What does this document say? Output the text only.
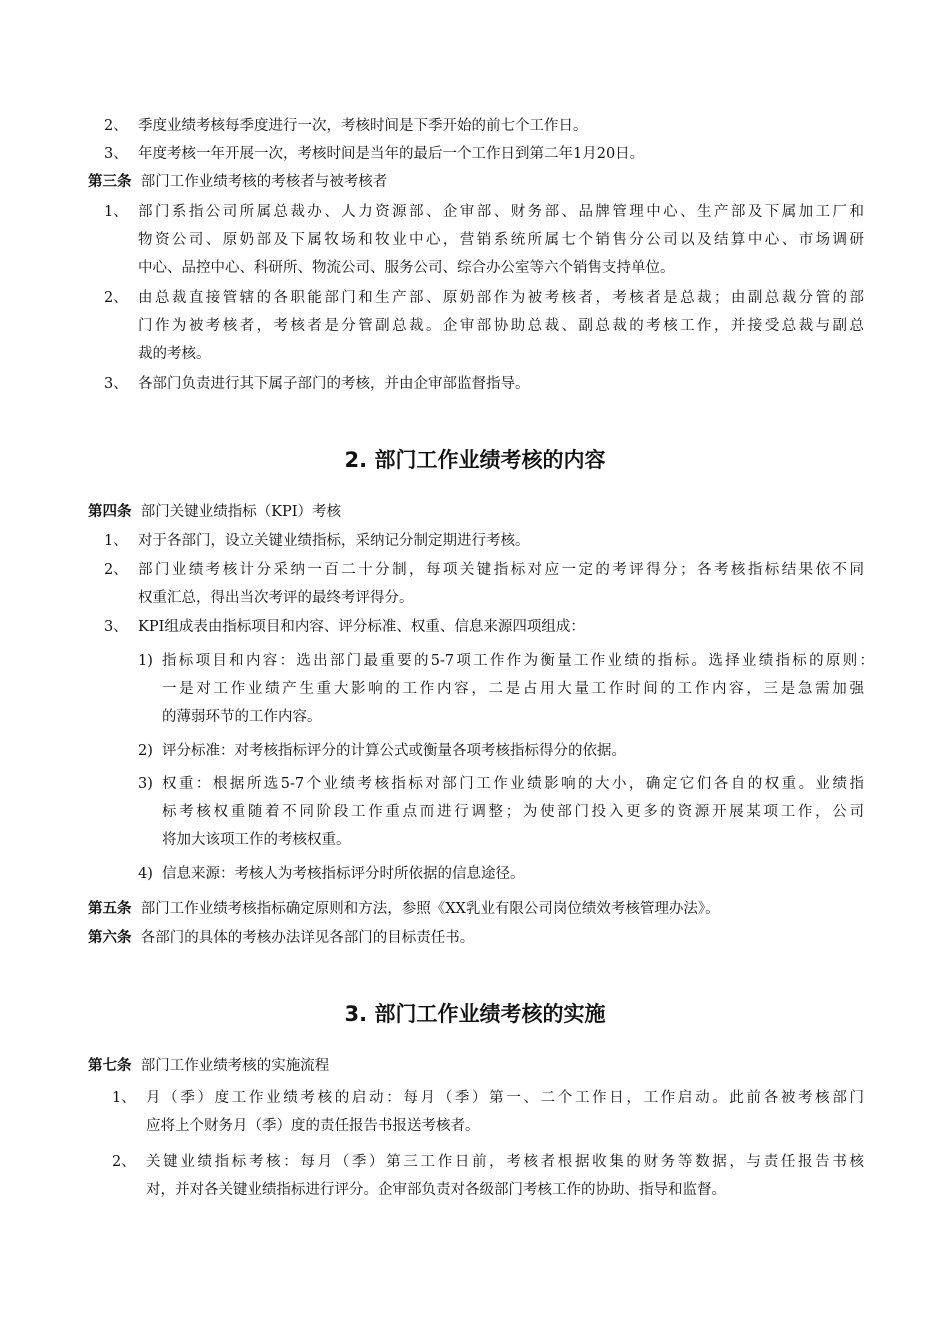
2、 季度业绩考核每季度进行一次，考核时间是下季开始的前七个工作日。
3、 年度考核一年开展一次，考核时间是当年的最后一个工作日到第二年1月20日。
第三条 部门工作业绩考核的考核者与被考核者
1、 部门系指公司所属总裁办、人力资源部、企审部、财务部、品牌管理中心、生产部及下属加工厂和
物资公司、原奶部及下属牧场和牧业中心，营销系统所属七个销售分公司以及结算中心、市场调研
中心、品控中心、科研所、物流公司、服务公司、综合办公室等六个销售支持单位。
2、 由总裁直接管辖的各职能部门和生产部、原奶部作为被考核者，考核者是总裁；由副总裁分管的部
门作为被考核者，考核者是分管副总裁。企审部协助总裁、副总裁的考核工作，并接受总裁与副总
裁的考核。
3、 各部门负责进行其下属子部门的考核，并由企审部监督指导。
2. 部门工作业绩考核的内容
第四条 部门关键业绩指标（KPI）考核
1、 对于各部门，设立关键业绩指标，采纳记分制定期进行考核。
2、 部门业绩考核计分采纳一百二十分制，每项关键指标对应一定的考评得分；各考核指标结果依不同
权重汇总，得出当次考评的最终考评得分。
3、 KPI组成表由指标项目和内容、评分标准、权重、信息来源四项组成：
1) 指标项目和内容：选出部门最重要的5-7项工作作为衡量工作业绩的指标。选择业绩指标的原则：
一是对工作业绩产生重大影响的工作内容，二是占用大量工作时间的工作内容，三是急需加强
的薄弱环节的工作内容。
2) 评分标准：对考核指标评分的计算公式或衡量各项考核指标得分的依据。
3) 权重：根据所选5-7个业绩考核指标对部门工作业绩影响的大小，确定它们各自的权重。业绩指
标考核权重随着不同阶段工作重点而进行调整；为使部门投入更多的资源开展某项工作，公司
将加大该项工作的考核权重。
4) 信息来源：考核人为考核指标评分时所依据的信息途径。
第五条 部门工作业绩考核指标确定原则和方法，参照《XX乳业有限公司岗位绩效考核管理办法》。
第六条 各部门的具体的考核办法详见各部门的目标责任书。
3. 部门工作业绩考核的实施
第七条 部门工作业绩考核的实施流程
1、 月（季）度工作业绩考核的启动：每月（季）第一、二个工作日，工作启动。此前各被考核部门
应将上个财务月（季）度的责任报告书报送考核者。
2、 关键业绩指标考核：每月（季）第三工作日前，考核者根据收集的财务等数据，与责任报告书核
对，并对各关键业绩指标进行评分。企审部负责对各级部门考核工作的协助、指导和监督。
